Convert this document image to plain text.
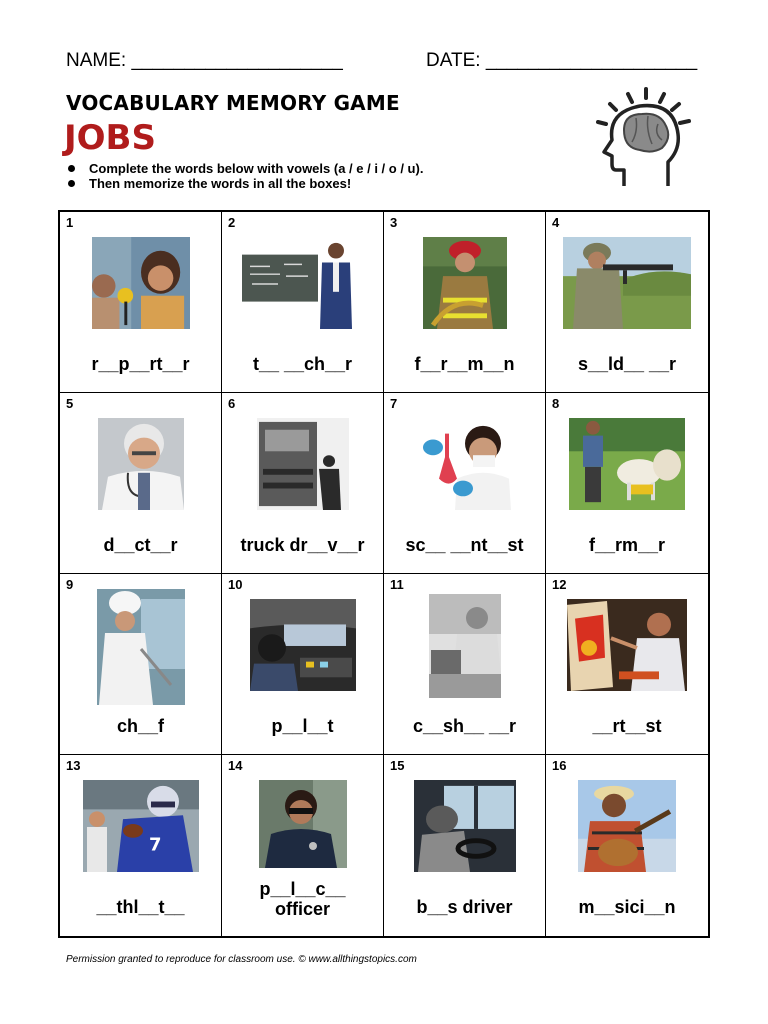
NAME: ____________________	DATE: ____________________
VOCABULARY MEMORY GAME
JOBS
Complete the words below with vowels (a / e / i / o / u).
Then memorize the words in all the boxes!
1
r__p__rt__r
2
t__ __ch__r
3
f__r__m__n
4
s__ld__ __r
5
d__ct__r
6
truck dr__v__r
7
sc__ __nt__st
8
f__rm__r
9
ch__f
10
p__l__t
11
c__sh__ __r
12
__rt__st
13
7
__thl__t__
14
p__l__c__
officer
15
b__s driver
16
m__sici__n
Permission granted to reproduce for classroom use. © www.allthingstopics.com
